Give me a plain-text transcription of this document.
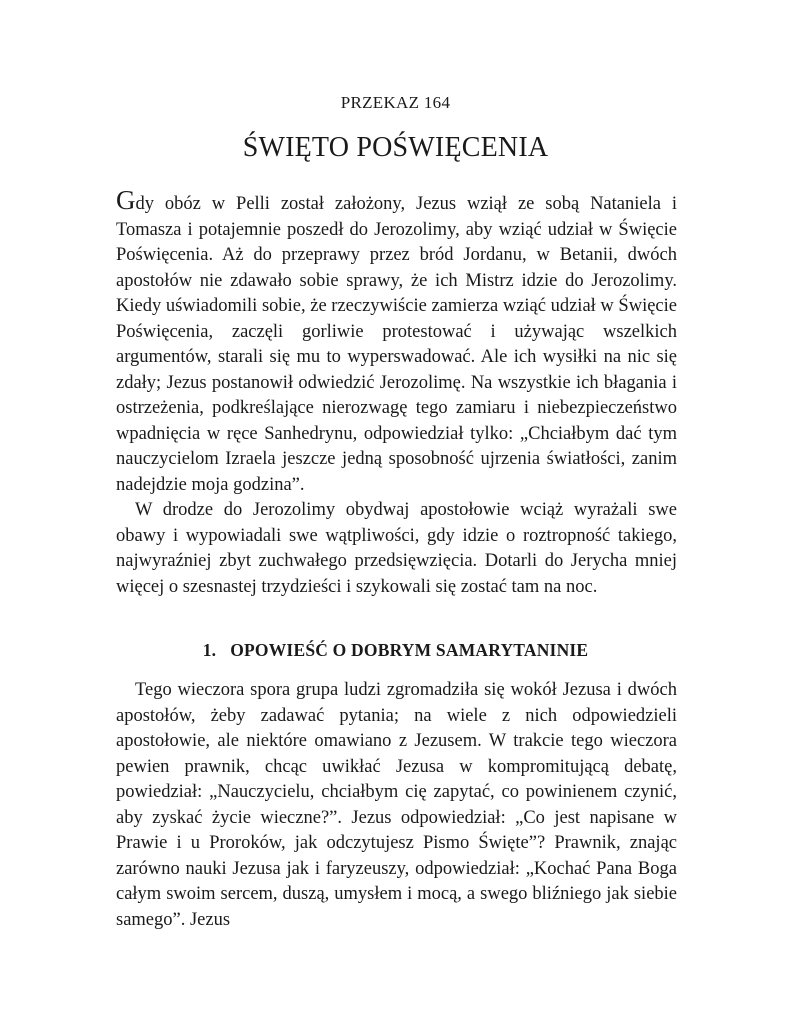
PRZEKAZ 164
ŚWIĘTO POŚWIĘCENIA

Gdy obóz w Pelli został założony, Jezus wziął ze sobą Nataniela i Tomasza i potajemnie poszedł do Jerozolimy, aby wziąć udział w Święcie Poświęcenia. Aż do przeprawy przez bród Jordanu, w Betanii, dwóch apostołów nie zdawało sobie sprawy, że ich Mistrz idzie do Jerozolimy. Kiedy uświadomili sobie, że rzeczywiście zamierza wziąć udział w Święcie Poświęcenia, zaczęli gorliwie protestować i używając wszelkich argumentów, starali się mu to wyperswadować. Ale ich wysiłki na nic się zdały; Jezus postanowił odwiedzić Jerozolimę. Na wszystkie ich błagania i ostrzeżenia, podkreślające nierozwagę tego zamiaru i niebezpieczeństwo wpadnięcia w ręce Sanhedrynu, odpowiedział tylko: „Chciałbym dać tym nauczycielom Izraela jeszcze jedną sposobność ujrzenia światłości, zanim nadejdzie moja godzina”.

W drodze do Jerozolimy obydwaj apostołowie wciąż wyrażali swe obawy i wypowiadali swe wątpliwości, gdy idzie o roztropność takiego, najwyraźniej zbyt zuchwałego przedsięwzięcia. Dotarli do Jerycha mniej więcej o szesnastej trzydzieści i szykowali się zostać tam na noc.

1. OPOWIEŚĆ O DOBRYM SAMARYTANINIE

Tego wieczora spora grupa ludzi zgromadziła się wokół Jezusa i dwóch apostołów, żeby zadawać pytania; na wiele z nich odpowiedzieli apostołowie, ale niektóre omawiano z Jezusem. W trakcie tego wieczora pewien prawnik, chcąc uwikłać Jezusa w kompromitującą debatę, powiedział: „Nauczycielu, chciałbym cię zapytać, co powinienem czynić, aby zyskać życie wieczne?”. Jezus odpowiedział: „Co jest napisane w Prawie i u Proroków, jak odczytujesz Pismo Święte”? Prawnik, znając zarówno nauki Jezusa jak i faryzeuszy, odpowiedział: „Kochać Pana Boga całym swoim sercem, duszą, umysłem i mocą, a swego bliźniego jak siebie samego”. Jezus
